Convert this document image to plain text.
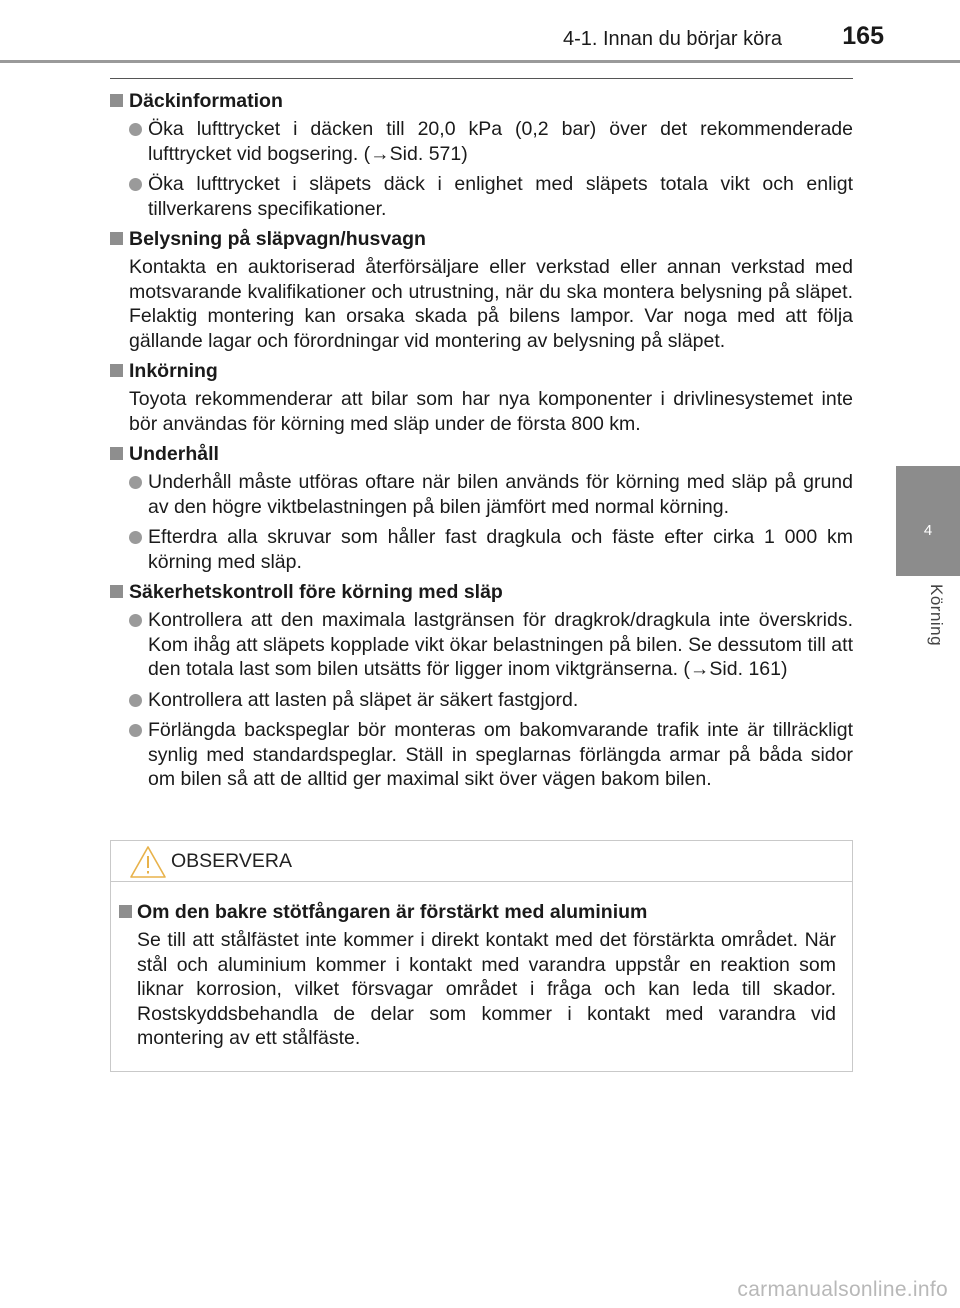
4-1. Innan du börjar köra 165
4
Körning
Däckinformation
Öka lufttrycket i däcken till 20,0 kPa (0,2 bar) över det rekommenderade lufttrycket vid bogsering. (→Sid. 571)
Öka lufttrycket i släpets däck i enlighet med släpets totala vikt och enligt tillverkarens specifikationer.
Belysning på släpvagn/husvagn
Kontakta en auktoriserad återförsäljare eller verkstad eller annan verkstad med motsvarande kvalifikationer och utrustning, när du ska montera belysning på släpet. Felaktig montering kan orsaka skada på bilens lampor. Var noga med att följa gällande lagar och förordningar vid montering av belysning på släpet.
Inkörning
Toyota rekommenderar att bilar som har nya komponenter i drivlinesystemet inte bör användas för körning med släp under de första 800 km.
Underhåll
Underhåll måste utföras oftare när bilen används för körning med släp på grund av den högre viktbelastningen på bilen jämfört med normal körning.
Efterdra alla skruvar som håller fast dragkula och fäste efter cirka 1 000 km körning med släp.
Säkerhetskontroll före körning med släp
Kontrollera att den maximala lastgränsen för dragkrok/dragkula inte överskrids. Kom ihåg att släpets kopplade vikt ökar belastningen på bilen. Se dessutom till att den totala last som bilen utsätts för ligger inom viktgränserna. (→Sid. 161)
Kontrollera att lasten på släpet är säkert fastgjord.
Förlängda backspeglar bör monteras om bakomvarande trafik inte är tillräckligt synlig med standardspeglar. Ställ in speglarnas förlängda armar på båda sidor om bilen så att de alltid ger maximal sikt över vägen bakom bilen.
OBSERVERA
Om den bakre stötfångaren är förstärkt med aluminium
Se till att stålfästet inte kommer i direkt kontakt med det förstärkta området. När stål och aluminium kommer i kontakt med varandra uppstår en reaktion som liknar korrosion, vilket försvagar området i fråga och kan leda till skador. Rostskyddsbehandla de delar som kommer i kontakt med varandra vid montering av ett stålfäste.
carmanualsonline.info
